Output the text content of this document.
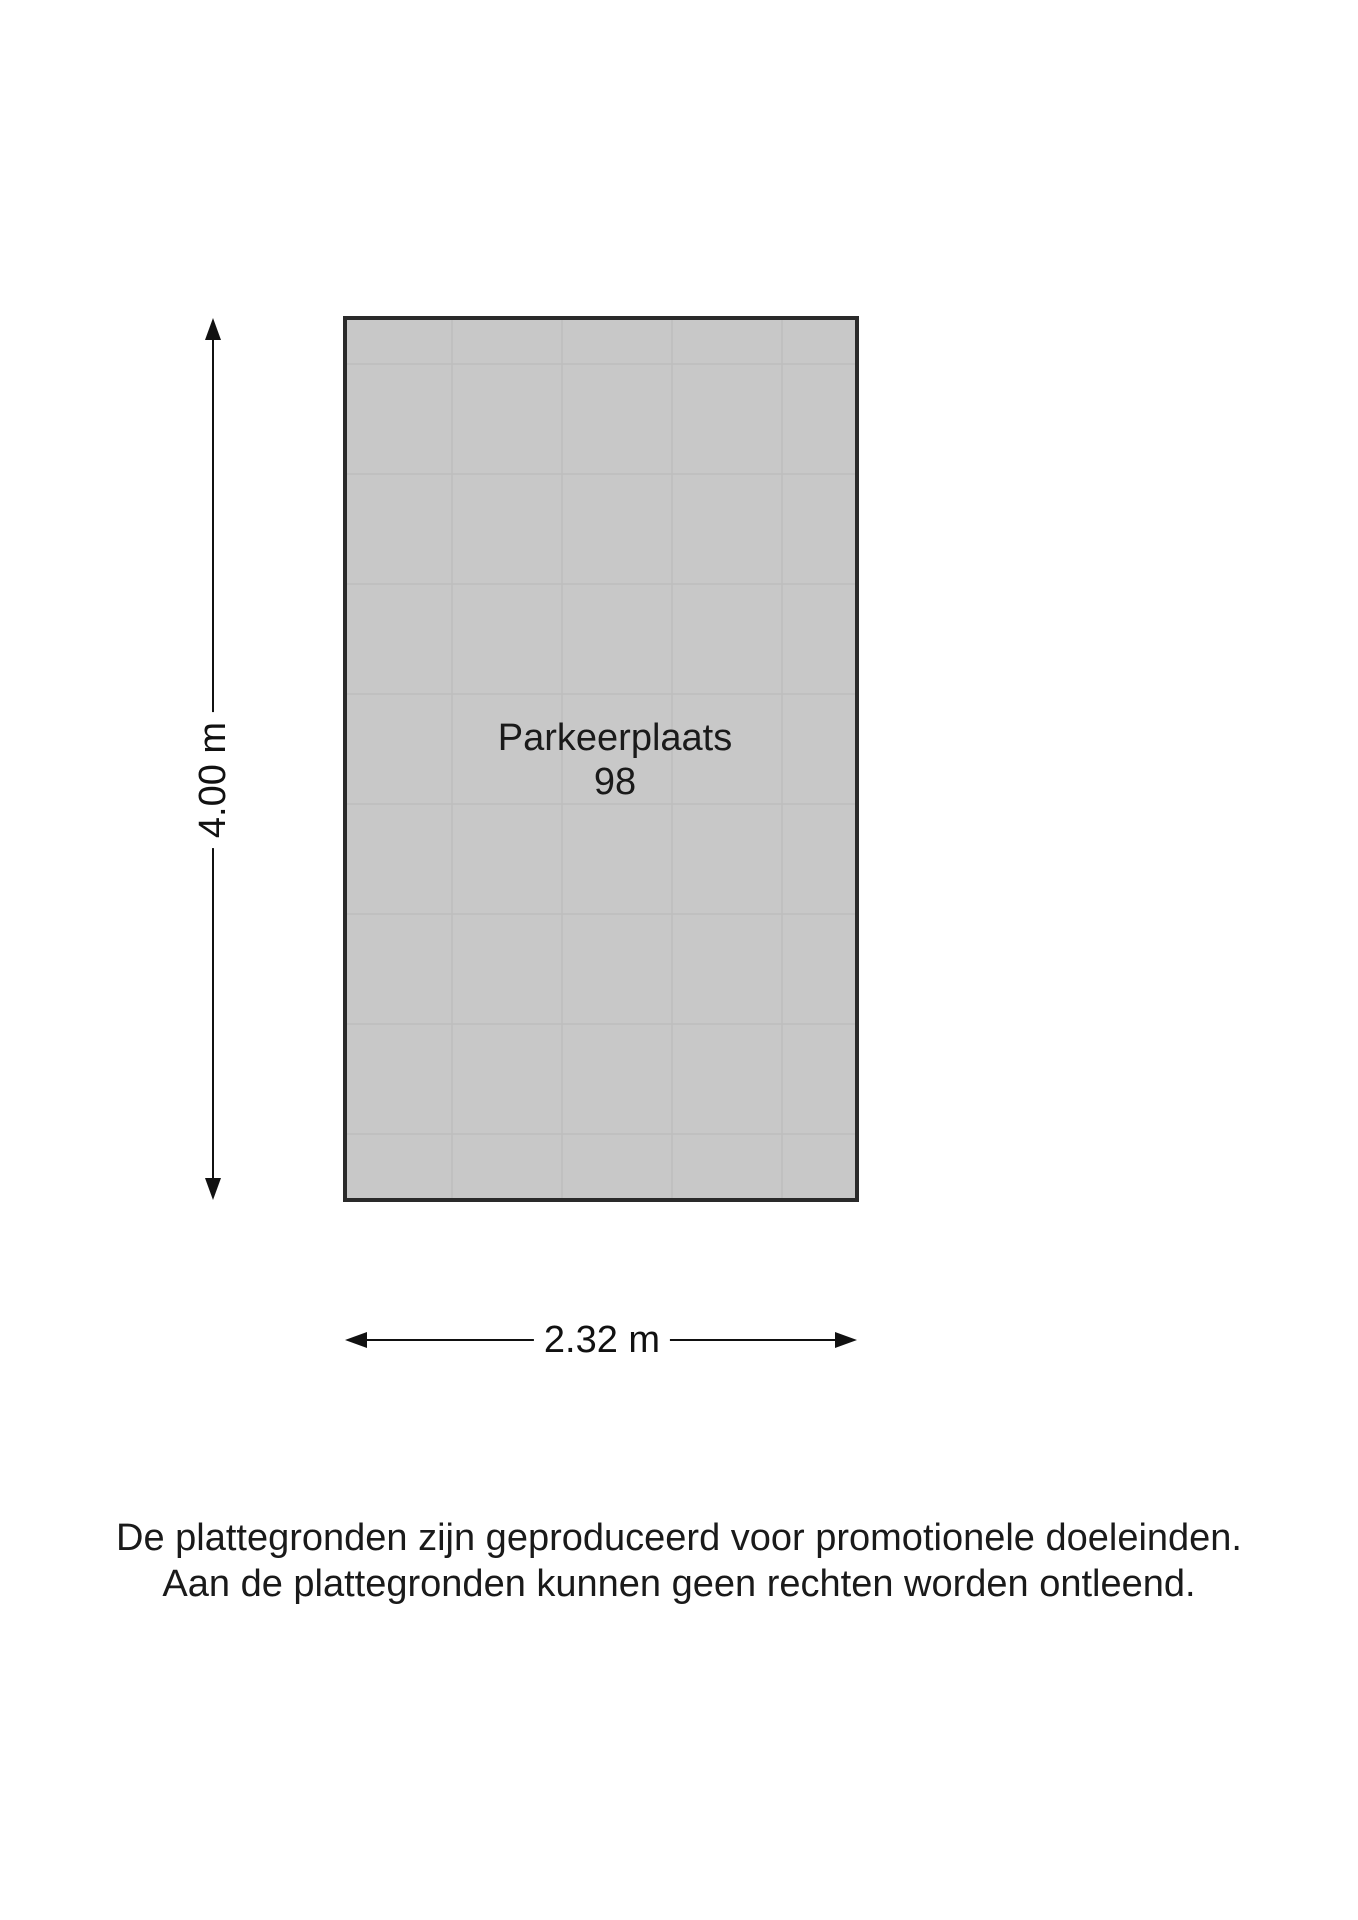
Parkeerplaats
98
4.00 m
2.32 m
De plattegronden zijn geproduceerd voor promotionele doeleinden.
Aan de plattegronden kunnen geen rechten worden ontleend.
